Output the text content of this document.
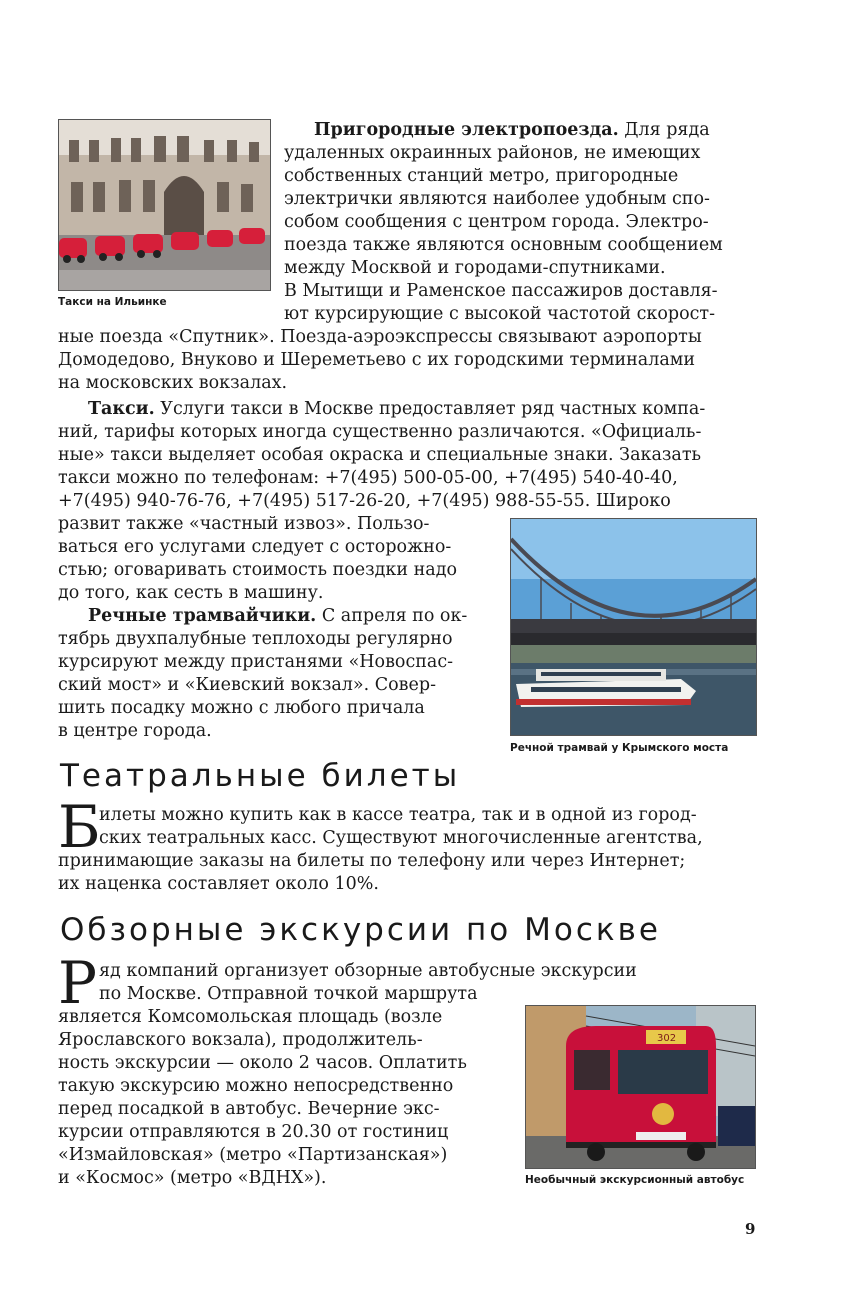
Такси на Ильинке
Пригородные электропоезда. Для ряда
удаленных окраинных районов, не имеющих
собственных станций метро, пригородные
электрички являются наиболее удобным спо-
собом сообщения с центром города. Электро-
поезда также являются основным сообщением
между Москвой и городами-спутниками.
В Мытищи и Раменское пассажиров доставля-
ют курсирующие с высокой частотой скорост-
ные поезда «Спутник». Поезда-аэроэкспрессы связывают аэропорты
Домодедово, Внуково и Шереметьево с их городскими терминалами
на московских вокзалах.
Такси. Услуги такси в Москве предоставляет ряд частных компа-
ний, тарифы которых иногда существенно различаются. «Официаль-
ные» такси выделяет особая окраска и специальные знаки. Заказать
такси можно по телефонам: +7(495) 500-05-00, +7(495) 540-40-40,
+7(495) 940-76-76, +7(495) 517-26-20, +7(495) 988-55-55. Широко
развит также «частный извоз». Пользо-
ваться его услугами следует с осторожно-
стью; оговаривать стоимость поездки надо
до того, как сесть в машину.
Речные трамвайчики. С апреля по ок-
тябрь двухпалубные теплоходы регулярно
курсируют между пристанями «Новоспас-
ский мост» и «Киевский вокзал». Совер-
шить посадку можно с любого причала
в центре города.
Речной трамвай у Крымского моста
Театральные билеты
Б
илеты можно купить как в кассе театра, так и в одной из город-
ских театральных касс. Существуют многочисленные агентства,
принимающие заказы на билеты по телефону или через Интернет;
их наценка составляет около 10%.
Обзорные экскурсии по Москве
Р яд компаний организует обзорные автобусные экскурсии
по Москве. Отправной точкой маршрута
является Комсомольская площадь (возле
Ярославского вокзала), продолжитель-
ность экскурсии — около 2 часов. Оплатить
такую экскурсию можно непосредственно
перед посадкой в автобус. Вечерние экс-
курсии отправляются в 20.30 от гостиниц
«Измайловская» (метро «Партизанская»)
и «Космос» (метро «ВДНХ»).
302
Необычный экскурсионный автобус
9
